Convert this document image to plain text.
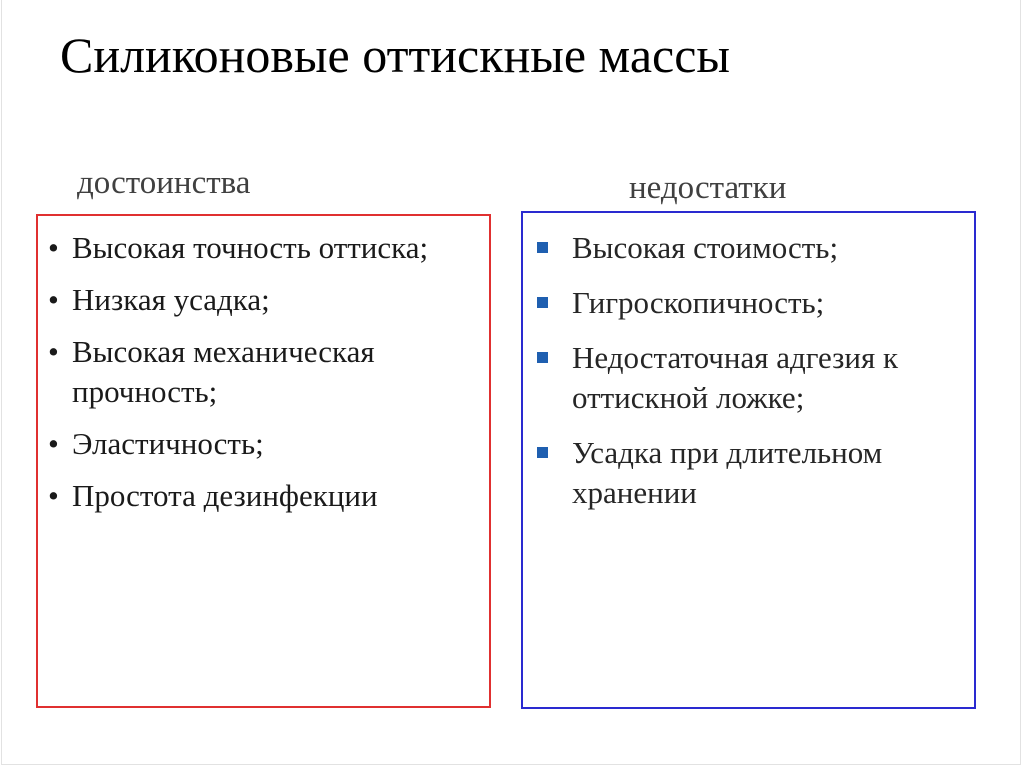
Силиконовые оттискные массы
достоинства	недостатки
• Высокая точность оттиска;
• Низкая усадка;
• Высокая механическая прочность;
• Эластичность;
• Простота дезинфекции
Высокая стоимость;
Гигроскопичность;
Недостаточная адгезия к оттискной ложке;
Усадка при длительном хранении
